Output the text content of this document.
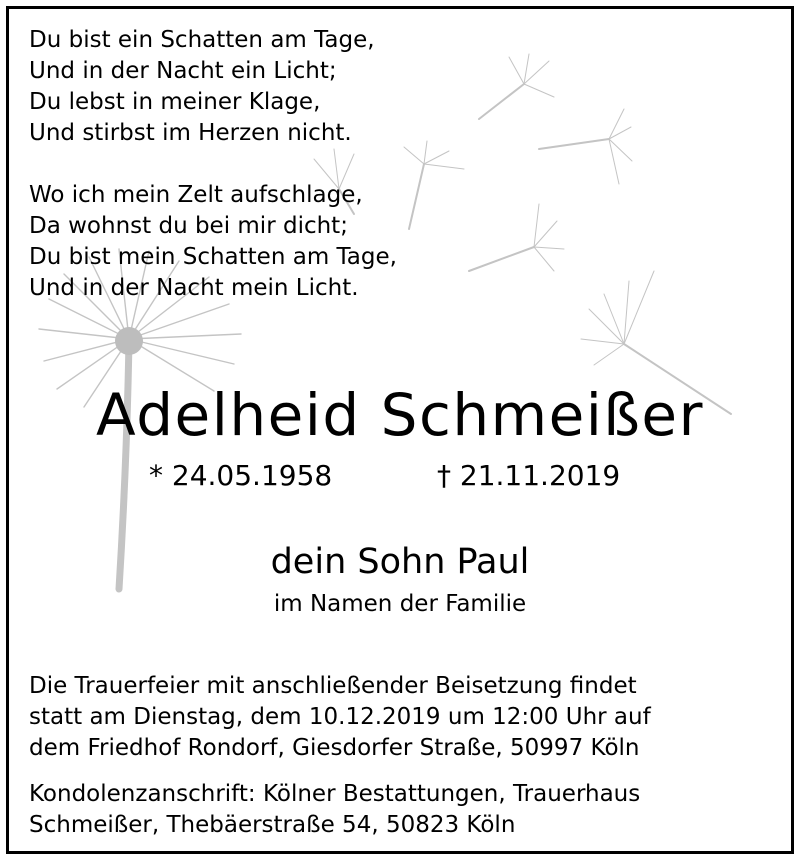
Du bist ein Schatten am Tage,
Und in der Nacht ein Licht;
Du lebst in meiner Klage,
Und stirbst im Herzen nicht.
Wo ich mein Zelt aufschlage,
Da wohnst du bei mir dicht;
Du bist mein Schatten am Tage,
Und in der Nacht mein Licht.
Adelheid Schmeißer
* 24.05.1958	† 21.11.2019
dein Sohn Paul
im Namen der Familie
Die Trauerfeier mit anschließender Beisetzung findet
statt am Dienstag, dem 10.12.2019 um 12:00 Uhr auf
dem Friedhof Rondorf, Giesdorfer Straße, 50997 Köln
Kondolenzanschrift: Kölner Bestattungen, Trauerhaus
Schmeißer, Thebäerstraße 54, 50823 Köln
